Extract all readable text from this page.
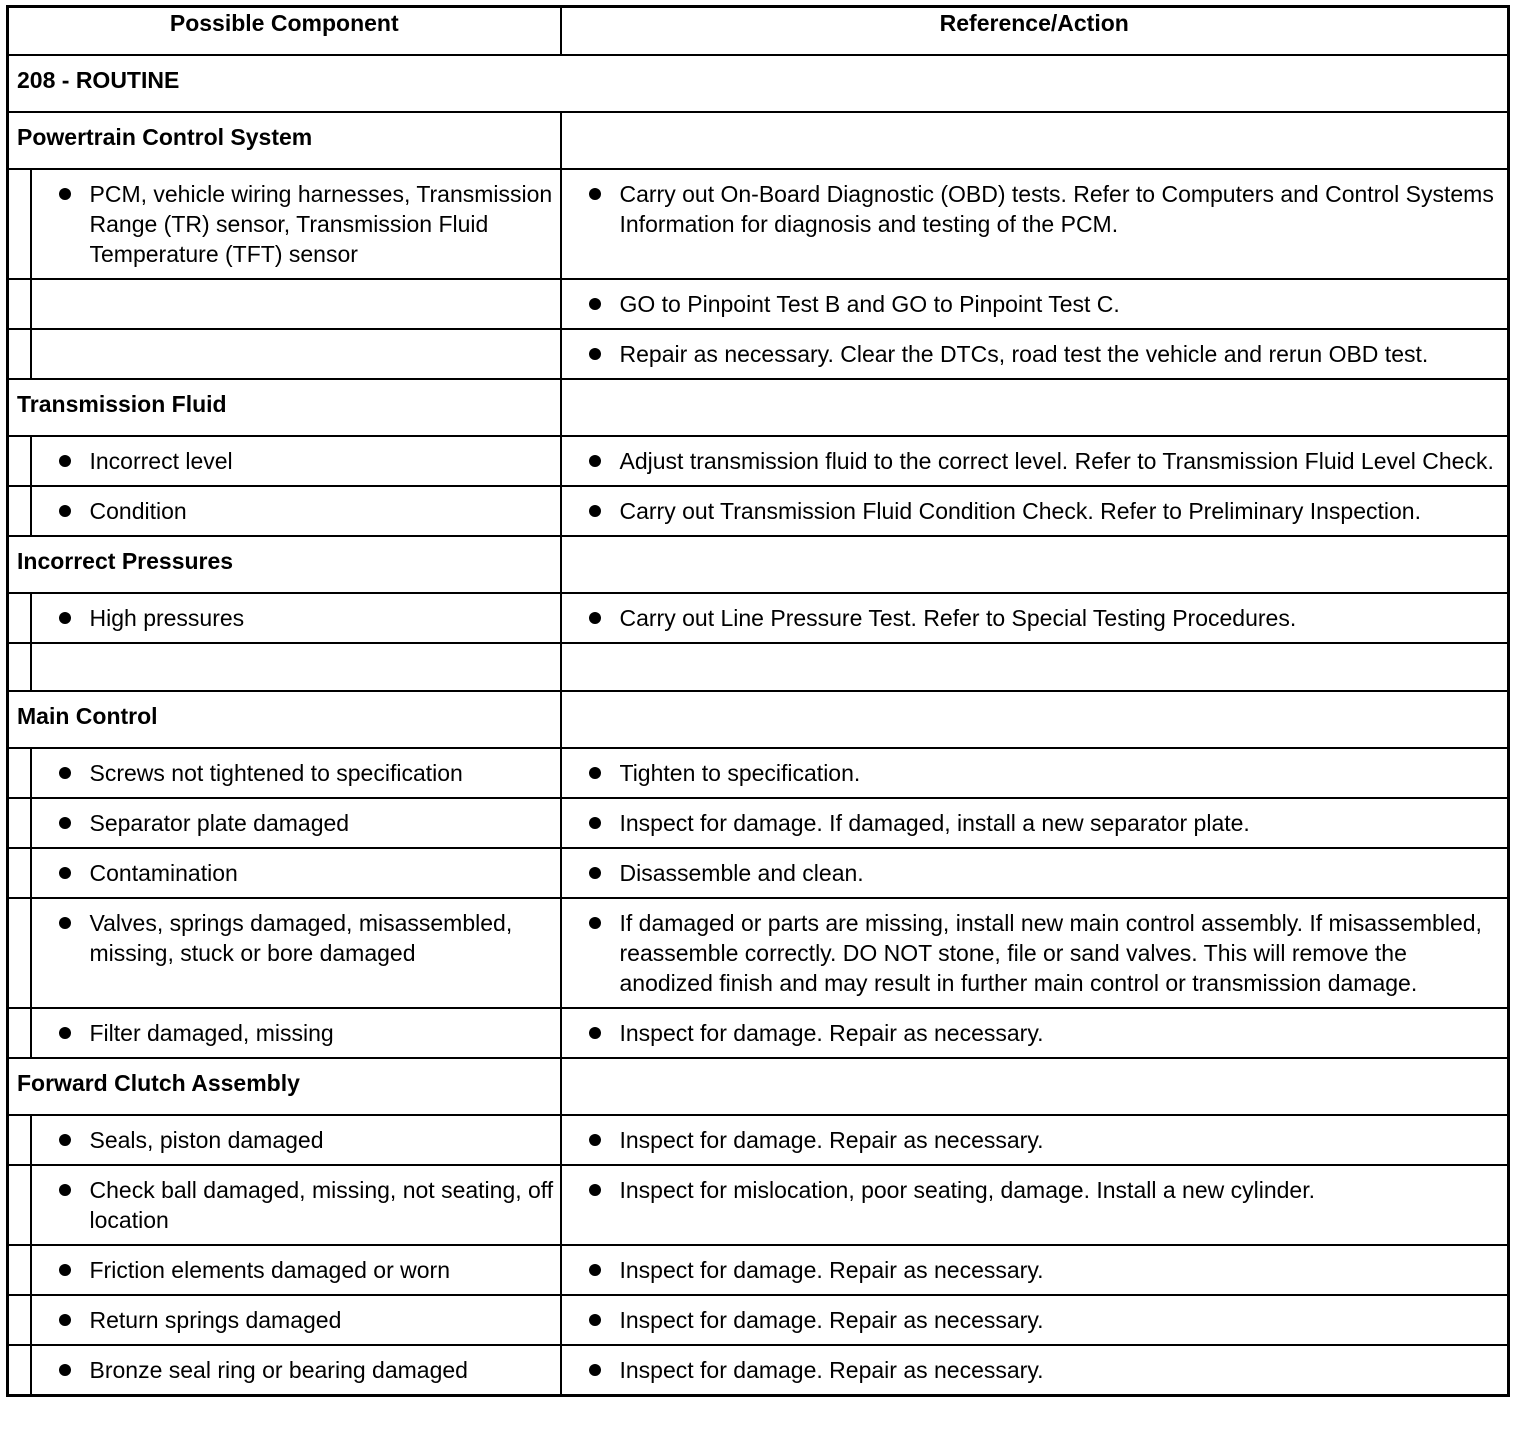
Possible Component		Reference/Action
208 - ROUTINE		
Powertrain Control System		

	PCM, vehicle wiring harnesses, Transmission Range (TR) sensor, Transmission Fluid Temperature (TFT) sensor	Carry out On-Board Diagnostic (OBD) tests. Refer to Computers and Control Systems Information for diagnosis and testing of the PCM.

		GO to Pinpoint Test B and GO to Pinpoint Test C.

		Repair as necessary. Clear the DTCs, road test the vehicle and rerun OBD test.

Transmission Fluid		

	Incorrect level	Adjust transmission fluid to the correct level. Refer to Transmission Fluid Level Check.

	Condition	Carry out Transmission Fluid Condition Check. Refer to Preliminary Inspection.

Incorrect Pressures		

	High pressures	Carry out Line Pressure Test. Refer to Special Testing Procedures.

Main Control		

	Screws not tightened to specification	Tighten to specification.

	Separator plate damaged	Inspect for damage. If damaged, install a new separator plate.

	Contamination	Disassemble and clean.

	Valves, springs damaged, misassembled, missing, stuck or bore damaged	If damaged or parts are missing, install new main control assembly. If misassembled, reassemble correctly. DO NOT stone, file or sand valves. This will remove the anodized finish and may result in further main control or transmission damage.

	Filter damaged, missing	Inspect for damage. Repair as necessary.

Forward Clutch Assembly		

	Seals, piston damaged	Inspect for damage. Repair as necessary.

	Check ball damaged, missing, not seating, off location	Inspect for mislocation, poor seating, damage. Install a new cylinder.

	Friction elements damaged or worn	Inspect for damage. Repair as necessary.

	Return springs damaged	Inspect for damage. Repair as necessary.

	Bronze seal ring or bearing damaged	Inspect for damage. Repair as necessary.
